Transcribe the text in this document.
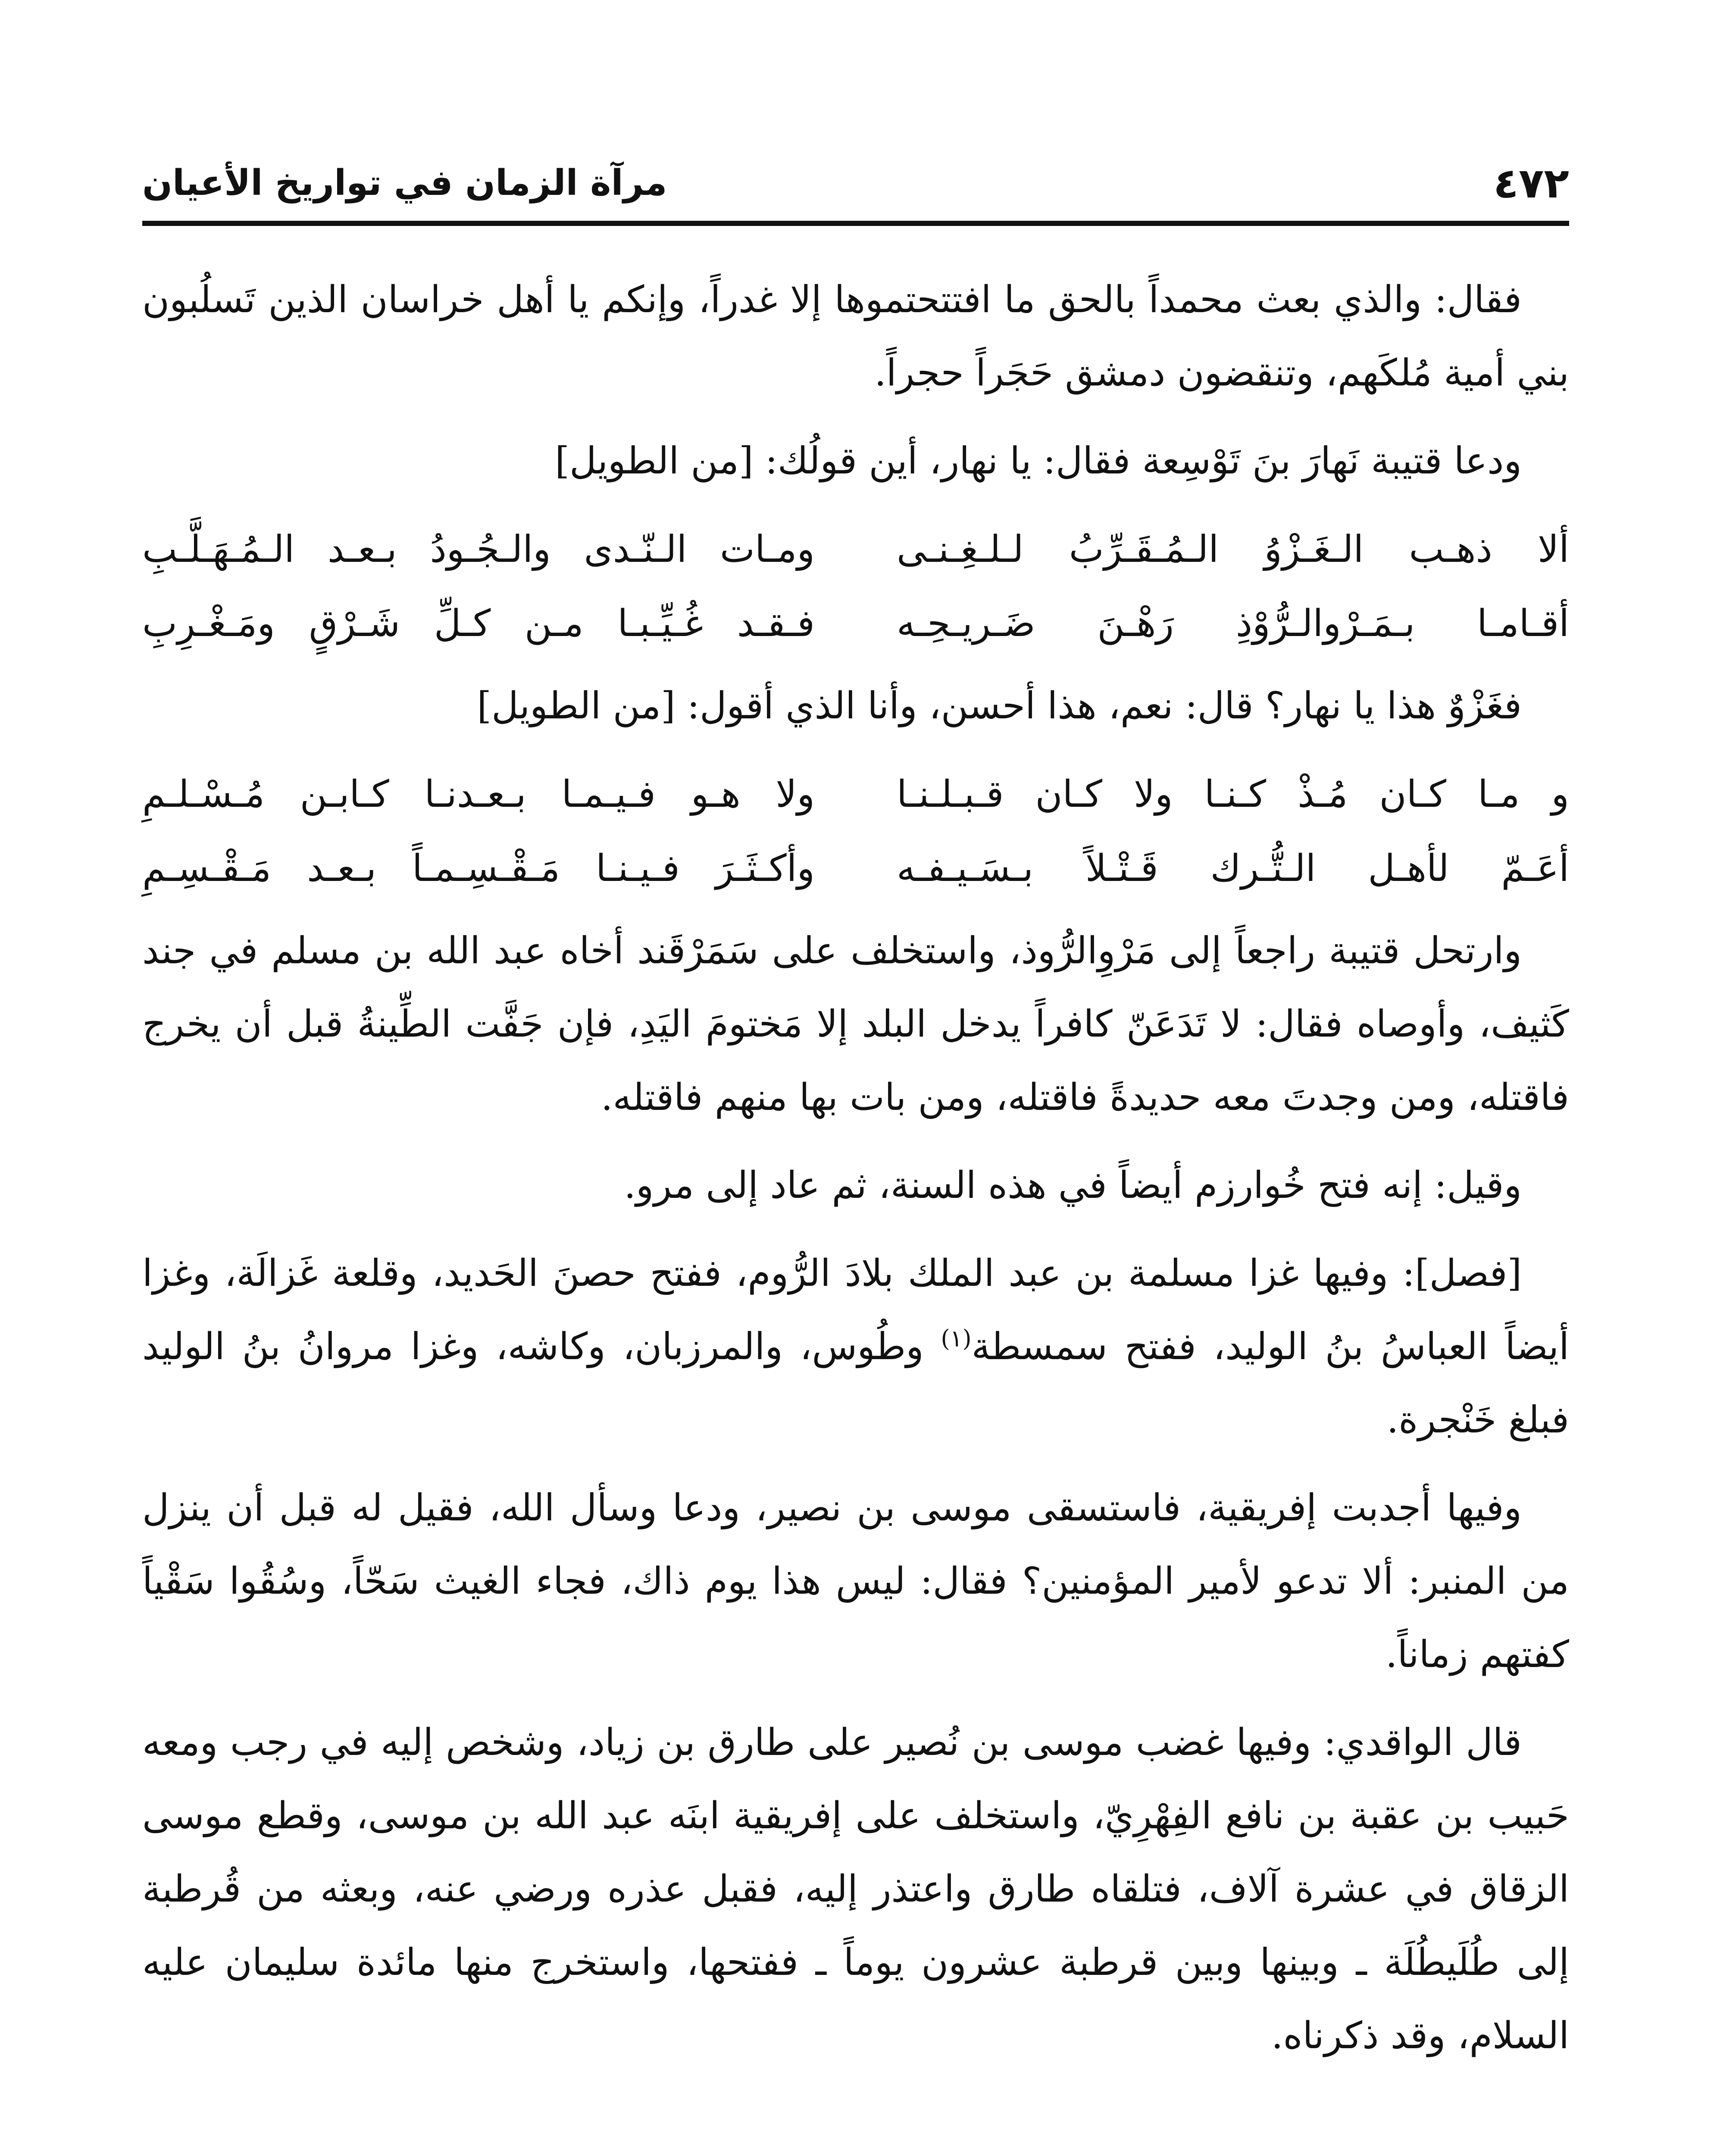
مرآة الزمان في تواريخ الأعيان	٤٧٢

فقال: والذي بعث محمداً بالحق ما افتتحتموها إلا غدراً، وإنكم يا أهل خراسان الذين تَسلُبون بني أمية مُلكَهم، وتنقضون دمشق حَجَراً حجراً.

ودعا قتيبة نَهارَ بنَ تَوْسِعة فقال: يا نهار، أين قولُك: [من الطويل]

ألا ذهـب الـغَـزْوُ الـمُـقَـرِّبُ لـلـغِـنـى
ومـات الـنّـدى والـجُـودُ بـعـد الـمُـهَـلَّـبِ
أقـامـا بـمَـرْوالـرُّوْذِ رَهْـنَ ضَـريـحِـه
فـقـد غُـيِّـبـا مـن كـلِّ شَـرْقٍ ومَـغْـرِبِ

فغَزْوٌ هذا يا نهار؟ قال: نعم، هذا أحسن، وأنا الذي أقول: [من الطويل]

و مـا كـان مُـذْ كـنـا ولا كـان قـبـلـنـا
ولا هـو فـيـمـا بـعـدنـا كـابـن مُـسْـلـمِ
أعَـمّ لأهـل الـتُّـرك قَـتْـلاً بـسَـيـفـه
وأكـثَـرَ فـيـنـا مَـقْـسِـمـاً بـعـد مَـقْـسِـمِ

وارتحل قتيبة راجعاً إلى مَرْوِالرُّوذ، واستخلف على سَمَرْقَند أخاه عبد الله بن مسلم في جند كَثيف، وأوصاه فقال: لا تَدَعَنّ كافراً يدخل البلد إلا مَختومَ اليَدِ، فإن جَفَّت الطِّينةُ قبل أن يخرج فاقتله، ومن وجدتَ معه حديدةً فاقتله، ومن بات بها منهم فاقتله.

وقيل: إنه فتح خُوارزم أيضاً في هذه السنة، ثم عاد إلى مرو.

[فصل]: وفيها غزا مسلمة بن عبد الملك بلادَ الرُّوم، ففتح حصنَ الحَديد، وقلعة غَزالَة، وغزا أيضاً العباسُ بنُ الوليد، ففتح سمسطة$^{(١)}$ وطُوس، والمرزبان، وكاشه، وغزا مروانُ بنُ الوليد فبلغ خَنْجرة.

وفيها أجدبت إفريقية، فاستسقى موسى بن نصير، ودعا وسأل الله، فقيل له قبل أن ينزل من المنبر: ألا تدعو لأمير المؤمنين؟ فقال: ليس هذا يوم ذاك، فجاء الغيث سَحّاً، وسُقُوا سَقْياً كفتهم زماناً.

قال الواقدي: وفيها غضب موسى بن نُصير على طارق بن زياد، وشخص إليه في رجب ومعه حَبيب بن عقبة بن نافع الفِهْرِيّ، واستخلف على إفريقية ابنَه عبد الله بن موسى، وقطع موسى الزقاق في عشرة آلاف، فتلقاه طارق واعتذر إليه، فقبل عذره ورضي عنه، وبعثه من قُرطبة إلى طُلَيطُلَة ـ وبينها وبين قرطبة عشرون يوماً ـ ففتحها، واستخرج منها مائدة سليمان عليه السلام، وقد ذكرناه.
